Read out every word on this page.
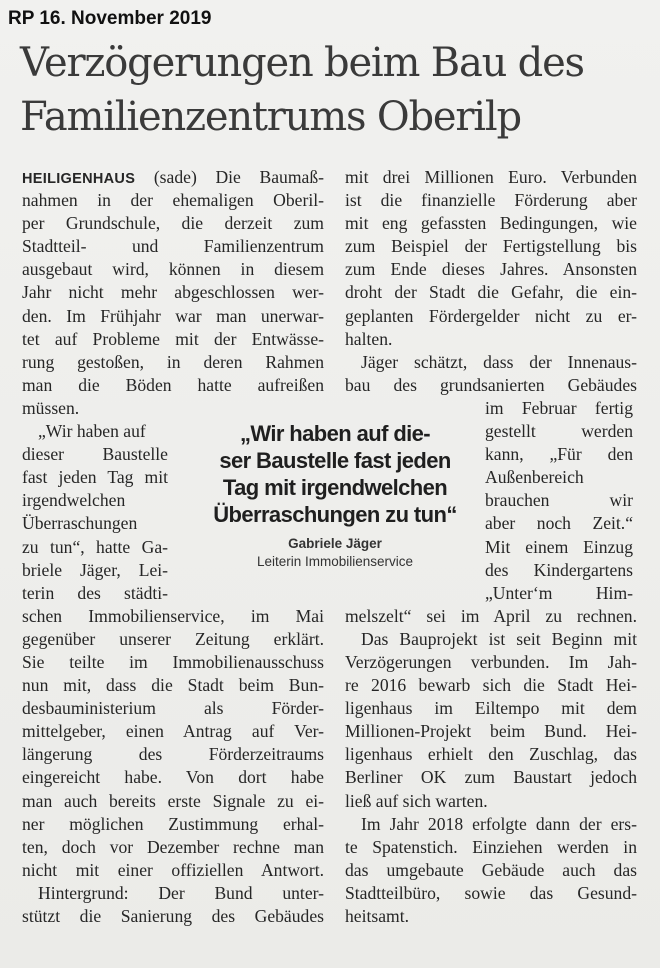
RP 16. November 2019
Verzögerungen beim Bau des
Familienzentrums Oberilp
HEILIGENHAUS (sade) Die Baumaß-
nahmen in der ehemaligen Oberil-
per Grundschule, die derzeit zum
Stadtteil- und Familienzentrum
ausgebaut wird, können in diesem
Jahr nicht mehr abgeschlossen wer-
den. Im Frühjahr war man unerwar-
tet auf Probleme mit der Entwässe-
rung gestoßen, in deren Rahmen
man die Böden hatte aufreißen
müssen.
„Wir haben auf
dieser Baustelle
fast jeden Tag mit
irgendwelchen
Überraschungen
zu tun“, hatte Ga-
briele Jäger, Lei-
terin des städti-
schen Immobilienservice, im Mai
gegenüber unserer Zeitung erklärt.
Sie teilte im Immobilienausschuss
nun mit, dass die Stadt beim Bun-
desbauministerium als Förder-
mittelgeber, einen Antrag auf Ver-
längerung des Förderzeitraums
eingereicht habe. Von dort habe
man auch bereits erste Signale zu ei-
ner möglichen Zustimmung erhal-
ten, doch vor Dezember rechne man
nicht mit einer offiziellen Antwort.
Hintergrund: Der Bund unter-
stützt die Sanierung des Gebäudes
mit drei Millionen Euro. Verbunden
ist die finanzielle Förderung aber
mit eng gefassten Bedingungen, wie
zum Beispiel der Fertigstellung bis
zum Ende dieses Jahres. Ansonsten
droht der Stadt die Gefahr, die ein-
geplanten Fördergelder nicht zu er-
halten.
Jäger schätzt, dass der Innenaus-
bau des grundsanierten Gebäudes
im Februar fertig
gestellt werden
kann, „Für den
Außenbereich
brauchen wir
aber noch Zeit.“
Mit einem Einzug
des Kindergartens
„Unter‘m Him-
melszelt“ sei im April zu rechnen.
Das Bauprojekt ist seit Beginn mit
Verzögerungen verbunden. Im Jah-
re 2016 bewarb sich die Stadt Hei-
ligenhaus im Eiltempo mit dem
Millionen-Projekt beim Bund. Hei-
ligenhaus erhielt den Zuschlag, das
Berliner OK zum Baustart jedoch
ließ auf sich warten.
Im Jahr 2018 erfolgte dann der ers-
te Spatenstich. Einziehen werden in
das umgebaute Gebäude auch das
Stadtteilbüro, sowie das Gesund-
heitsamt.
„Wir haben auf die-
ser Baustelle fast jeden
Tag mit irgendwelchen
Überraschungen zu tun“
Gabriele Jäger
Leiterin Immobilienservice
